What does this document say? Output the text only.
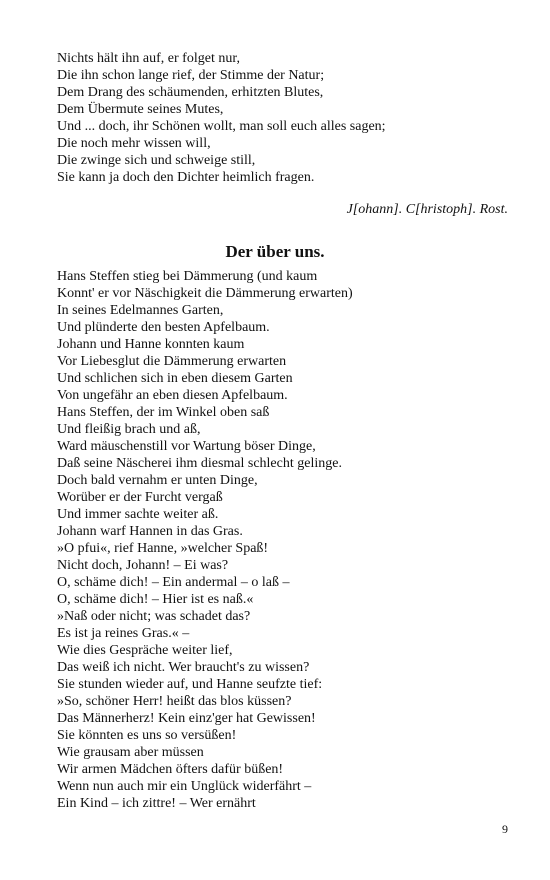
Nichts hält ihn auf, er folget nur,
Die ihn schon lange rief, der Stimme der Natur;
Dem Drang des schäumenden, erhitzten Blutes,
Dem Übermute seines Mutes,
Und ... doch, ihr Schönen wollt, man soll euch alles sagen;
Die noch mehr wissen will,
Die zwinge sich und schweige still,
Sie kann ja doch den Dichter heimlich fragen.
J[ohann]. C[hristoph]. Rost.
Der über uns.
Hans Steffen stieg bei Dämmerung (und kaum
Konnt' er vor Näschigkeit die Dämmerung erwarten)
In seines Edelmannes Garten,
Und plünderte den besten Apfelbaum.
Johann und Hanne konnten kaum
Vor Liebesglut die Dämmerung erwarten
Und schlichen sich in eben diesem Garten
Von ungefähr an eben diesen Apfelbaum.
Hans Steffen, der im Winkel oben saß
Und fleißig brach und aß,
Ward mäuschenstill vor Wartung böser Dinge,
Daß seine Näscherei ihm diesmal schlecht gelinge.
Doch bald vernahm er unten Dinge,
Worüber er der Furcht vergaß
Und immer sachte weiter aß.
Johann warf Hannen in das Gras.
»O pfui«, rief Hanne, »welcher Spaß!
Nicht doch, Johann! – Ei was?
O, schäme dich! – Ein andermal – o laß –
O, schäme dich! – Hier ist es naß.«
»Naß oder nicht; was schadet das?
Es ist ja reines Gras.« –
Wie dies Gespräche weiter lief,
Das weiß ich nicht. Wer braucht's zu wissen?
Sie stunden wieder auf, und Hanne seufzte tief:
»So, schöner Herr! heißt das blos küssen?
Das Männerherz! Kein einz'ger hat Gewissen!
Sie könnten es uns so versüßen!
Wie grausam aber müssen
Wir armen Mädchen öfters dafür büßen!
Wenn nun auch mir ein Unglück widerfährt –
Ein Kind – ich zittre! – Wer ernährt
9
